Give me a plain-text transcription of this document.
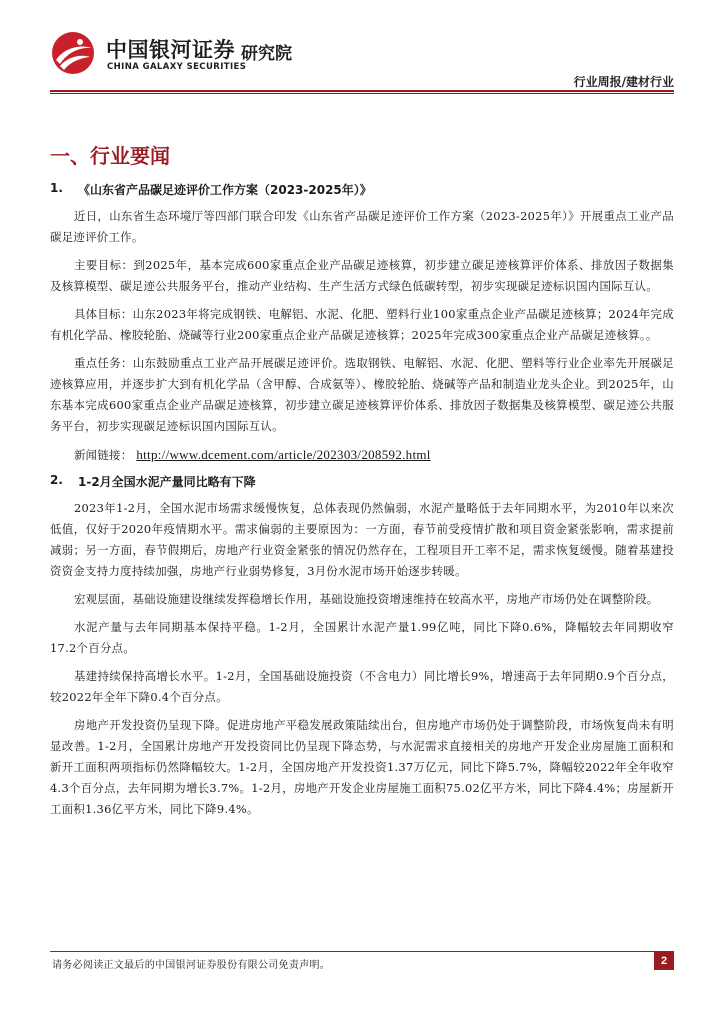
中国银河证券
CHINA GALAXY SECURITIES
研究院
行业周报/建材行业
一、行业要闻
1.	《山东省产品碳足迹评价工作方案（2023-2025年）》

近日，山东省生态环境厅等四部门联合印发《山东省产品碳足迹评价工作方案（2023-2025年）》开展重点工业产品碳足迹评价工作。

主要目标：到2025年，基本完成600家重点企业产品碳足迹核算，初步建立碳足迹核算评价体系、排放因子数据集及核算模型、碳足迹公共服务平台，推动产业结构、生产生活方式绿色低碳转型，初步实现碳足迹标识国内国际互认。

具体目标：山东2023年将完成钢铁、电解铝、水泥、化肥、塑料行业100家重点企业产品碳足迹核算；2024年完成有机化学品、橡胶轮胎、烧碱等行业200家重点企业产品碳足迹核算；2025年完成300家重点企业产品碳足迹核算。。

重点任务：山东鼓励重点工业产品开展碳足迹评价。选取钢铁、电解铝、水泥、化肥、塑料等行业企业率先开展碳足迹核算应用，并逐步扩大到有机化学品（含甲醇、合成氨等）、橡胶轮胎、烧碱等产品和制造业龙头企业。到2025年，山东基本完成600家重点企业产品碳足迹核算，初步建立碳足迹核算评价体系、排放因子数据集及核算模型、碳足迹公共服务平台，初步实现碳足迹标识国内国际互认。

新闻链接： http://www.dcement.com/article/202303/208592.html

2.	1-2月全国水泥产量同比略有下降

2023年1-2月，全国水泥市场需求缓慢恢复，总体表现仍然偏弱，水泥产量略低于去年同期水平，为2010年以来次低值，仅好于2020年疫情期水平。需求偏弱的主要原因为：一方面，春节前受疫情扩散和项目资金紧张影响，需求提前减弱；另一方面，春节假期后，房地产行业资金紧张的情况仍然存在，工程项目开工率不足，需求恢复缓慢。随着基建投资资金支持力度持续加强，房地产行业弱势修复，3月份水泥市场开始逐步转暖。

宏观层面，基础设施建设继续发挥稳增长作用，基础设施投资增速维持在较高水平，房地产市场仍处在调整阶段。

水泥产量与去年同期基本保持平稳。1-2月，全国累计水泥产量1.99亿吨，同比下降0.6%，降幅较去年同期收窄17.2个百分点。

基建持续保持高增长水平。1-2月，全国基础设施投资（不含电力）同比增长9%，增速高于去年同期0.9个百分点，较2022年全年下降0.4个百分点。

房地产开发投资仍呈现下降。促进房地产平稳发展政策陆续出台，但房地产市场仍处于调整阶段，市场恢复尚未有明显改善。1-2月，全国累计房地产开发投资同比仍呈现下降态势，与水泥需求直接相关的房地产开发企业房屋施工面积和新开工面积两项指标仍然降幅较大。1-2月，全国房地产开发投资1.37万亿元，同比下降5.7%，降幅较2022年全年收窄4.3个百分点，去年同期为增长3.7%。1-2月，房地产开发企业房屋施工面积75.02亿平方米，同比下降4.4%；房屋新开工面积1.36亿平方米，同比下降9.4%。

请务必阅读正文最后的中国银河证券股份有限公司免责声明。	2
